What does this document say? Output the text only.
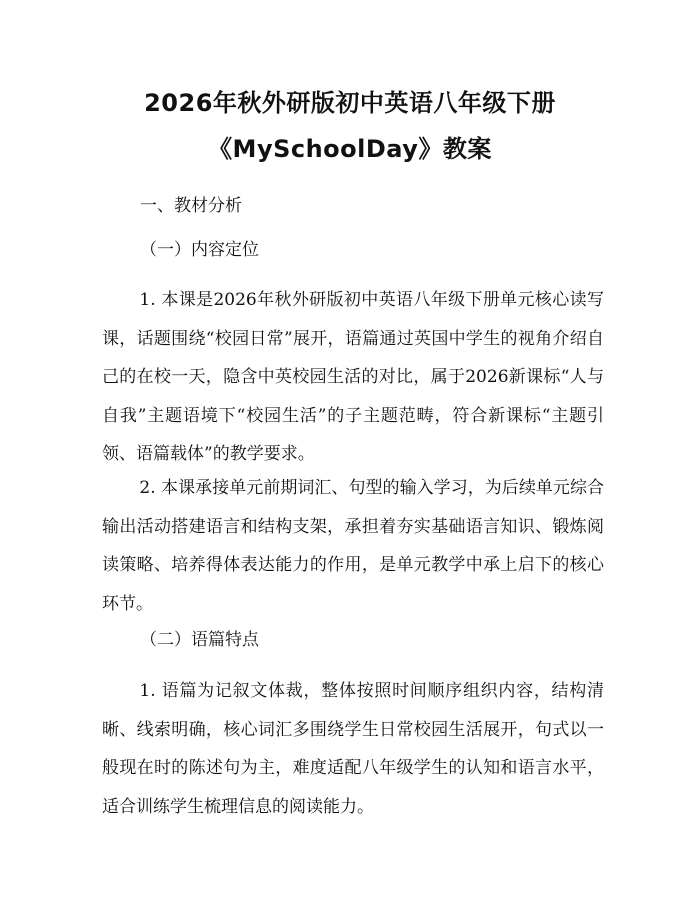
2026年秋外研版初中英语八年级下册
《MySchoolDay》教案
一、教材分析
（一）内容定位
1. 本课是2026年秋外研版初中英语八年级下册单元核心读写课，话题围绕“校园日常”展开，语篇通过英国中学生的视角介绍自己的在校一天，隐含中英校园生活的对比，属于2026新课标“人与自我”主题语境下“校园生活”的子主题范畴，符合新课标“主题引领、语篇载体”的教学要求。
2. 本课承接单元前期词汇、句型的输入学习，为后续单元综合输出活动搭建语言和结构支架，承担着夯实基础语言知识、锻炼阅读策略、培养得体表达能力的作用，是单元教学中承上启下的核心环节。
（二）语篇特点
1. 语篇为记叙文体裁，整体按照时间顺序组织内容，结构清晰、线索明确，核心词汇多围绕学生日常校园生活展开，句式以一般现在时的陈述句为主，难度适配八年级学生的认知和语言水平，适合训练学生梳理信息的阅读能力。
